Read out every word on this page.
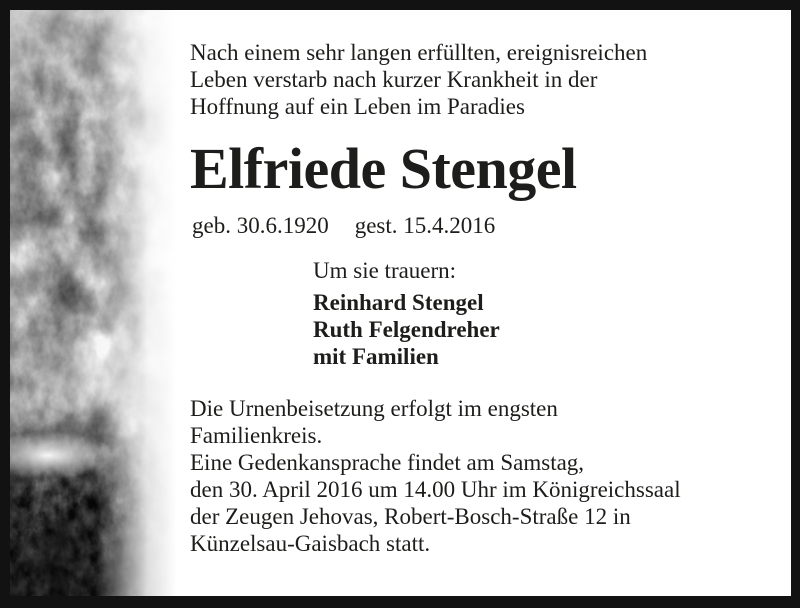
Nach einem sehr langen erfüllten, ereignisreichen
Leben verstarb nach kurzer Krankheit in der
Hoffnung auf ein Leben im Paradies
Elfriede Stengel
geb. 30.6.1920 gest. 15.4.2016
Um sie trauern:
Reinhard Stengel
Ruth Felgendreher
mit Familien
Die Urnenbeisetzung erfolgt im engsten
Familienkreis.
Eine Gedenkansprache findet am Samstag,
den 30. April 2016 um 14.00 Uhr im Königreichssaal
der Zeugen Jehovas, Robert-Bosch-Straße 12 in
Künzelsau-Gaisbach statt.
